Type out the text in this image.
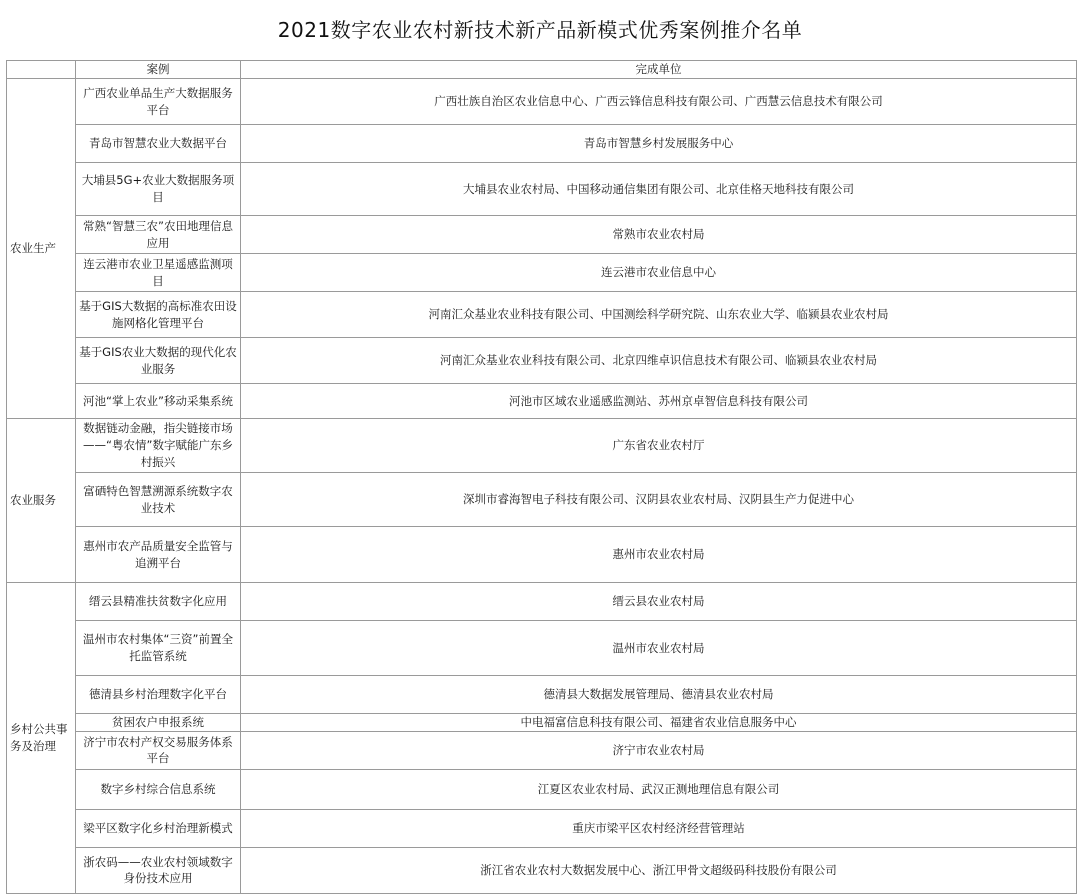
2021数字农业农村新技术新产品新模式优秀案例推介名单
	案例	完成单位
农业生产	广西农业单品生产大数据服务平台	广西壮族自治区农业信息中心、广西云锋信息科技有限公司、广西慧云信息技术有限公司
	青岛市智慧农业大数据平台	青岛市智慧乡村发展服务中心
	大埔县5G+农业大数据服务项目	大埔县农业农村局、中国移动通信集团有限公司、北京佳格天地科技有限公司
	常熟“智慧三农”农田地理信息应用	常熟市农业农村局
	连云港市农业卫星遥感监测项目	连云港市农业信息中心
	基于GIS大数据的高标准农田设施网格化管理平台	河南汇众基业农业科技有限公司、中国测绘科学研究院、山东农业大学、临颍县农业农村局
	基于GIS农业大数据的现代化农业服务	河南汇众基业农业科技有限公司、北京四维卓识信息技术有限公司、临颍县农业农村局
	河池“掌上农业”移动采集系统	河池市区域农业遥感监测站、苏州京卓智信息科技有限公司
农业服务	数据链动金融，指尖链接市场——“粤农情”数字赋能广东乡村振兴	广东省农业农村厅
	富硒特色智慧溯源系统数字农业技术	深圳市睿海智电子科技有限公司、汉阴县农业农村局、汉阴县生产力促进中心
	惠州市农产品质量安全监管与追溯平台	惠州市农业农村局
乡村公共事务及治理	缙云县精准扶贫数字化应用	缙云县农业农村局
	温州市农村集体“三资”前置全托监管系统	温州市农业农村局
	德清县乡村治理数字化平台	德清县大数据发展管理局、德清县农业农村局
	贫困农户申报系统	中电福富信息科技有限公司、福建省农业信息服务中心
	济宁市农村产权交易服务体系平台	济宁市农业农村局
	数字乡村综合信息系统	江夏区农业农村局、武汉正测地理信息有限公司
	梁平区数字化乡村治理新模式	重庆市梁平区农村经济经营管理站
	浙农码——农业农村领域数字身份技术应用	浙江省农业农村大数据发展中心、浙江甲骨文超级码科技股份有限公司
